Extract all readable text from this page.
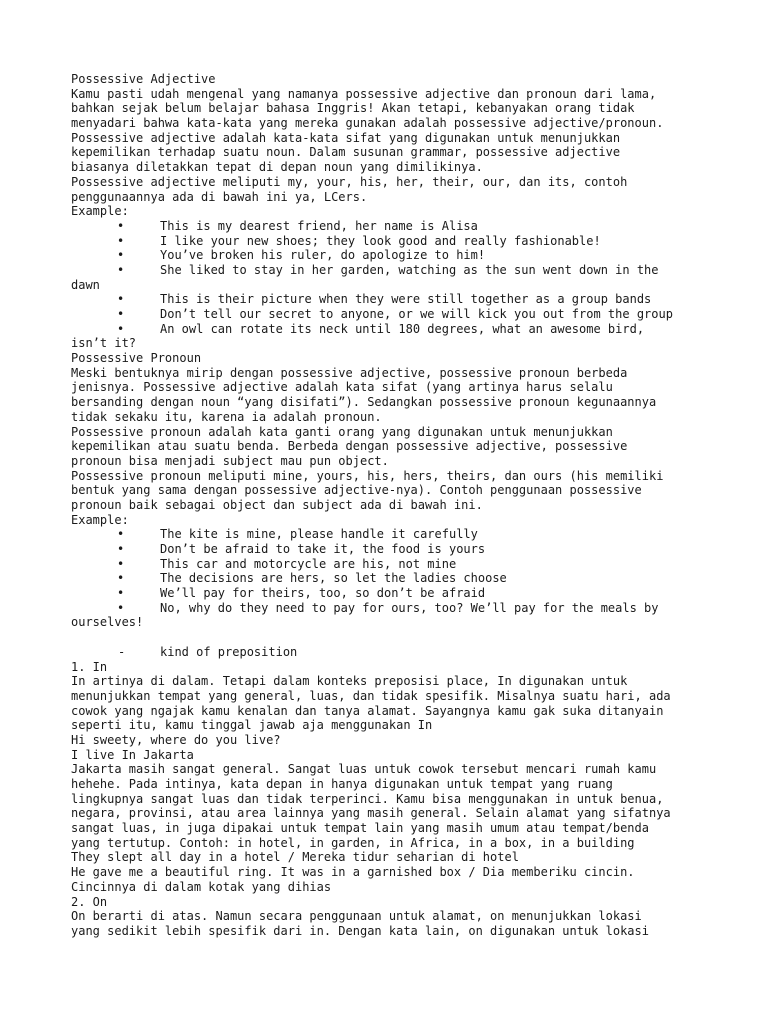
Possessive Adjective
Kamu pasti udah mengenal yang namanya possessive adjective dan pronoun dari lama,
bahkan sejak belum belajar bahasa Inggris! Akan tetapi, kebanyakan orang tidak
menyadari bahwa kata-kata yang mereka gunakan adalah possessive adjective/pronoun.
Possessive adjective adalah kata-kata sifat yang digunakan untuk menunjukkan
kepemilikan terhadap suatu noun. Dalam susunan grammar, possessive adjective
biasanya diletakkan tepat di depan noun yang dimilikinya.
Possessive adjective meliputi my, your, his, her, their, our, dan its, contoh
penggunaannya ada di bawah ini ya, LCers.
Example:
•	This is my dearest friend, her name is Alisa
•	I like your new shoes; they look good and really fashionable!
•	You’ve broken his ruler, do apologize to him!
•	She liked to stay in her garden, watching as the sun went down in the
dawn
•	This is their picture when they were still together as a group bands
•	Don’t tell our secret to anyone, or we will kick you out from the group
•	An owl can rotate its neck until 180 degrees, what an awesome bird,
isn’t it?
Possessive Pronoun
Meski bentuknya mirip dengan possessive adjective, possessive pronoun berbeda
jenisnya. Possessive adjective adalah kata sifat (yang artinya harus selalu
bersanding dengan noun “yang disifati”). Sedangkan possessive pronoun kegunaannya
tidak sekaku itu, karena ia adalah pronoun.
Possessive pronoun adalah kata ganti orang yang digunakan untuk menunjukkan
kepemilikan atau suatu benda. Berbeda dengan possessive adjective, possessive
pronoun bisa menjadi subject mau pun object.
Possessive pronoun meliputi mine, yours, his, hers, theirs, dan ours (his memiliki
bentuk yang sama dengan possessive adjective-nya). Contoh penggunaan possessive
pronoun baik sebagai object dan subject ada di bawah ini.
Example:
•	The kite is mine, please handle it carefully
•	Don’t be afraid to take it, the food is yours
•	This car and motorcycle are his, not mine
•	The decisions are hers, so let the ladies choose
•	We’ll pay for theirs, too, so don’t be afraid
•	No, why do they need to pay for ours, too? We’ll pay for the meals by
ourselves!
-	kind of preposition
1. In
In artinya di dalam. Tetapi dalam konteks preposisi place, In digunakan untuk
menunjukkan tempat yang general, luas, dan tidak spesifik. Misalnya suatu hari, ada
cowok yang ngajak kamu kenalan dan tanya alamat. Sayangnya kamu gak suka ditanyain
seperti itu, kamu tinggal jawab aja menggunakan In
Hi sweety, where do you live?
I live In Jakarta
Jakarta masih sangat general. Sangat luas untuk cowok tersebut mencari rumah kamu
hehehe. Pada intinya, kata depan in hanya digunakan untuk tempat yang ruang
lingkupnya sangat luas dan tidak terperinci. Kamu bisa menggunakan in untuk benua,
negara, provinsi, atau area lainnya yang masih general. Selain alamat yang sifatnya
sangat luas, in juga dipakai untuk tempat lain yang masih umum atau tempat/benda
yang tertutup. Contoh: in hotel, in garden, in Africa, in a box, in a building
They slept all day in a hotel / Mereka tidur seharian di hotel
He gave me a beautiful ring. It was in a garnished box / Dia memberiku cincin.
Cincinnya di dalam kotak yang dihias
2. On
On berarti di atas. Namun secara penggunaan untuk alamat, on menunjukkan lokasi
yang sedikit lebih spesifik dari in. Dengan kata lain, on digunakan untuk lokasi
